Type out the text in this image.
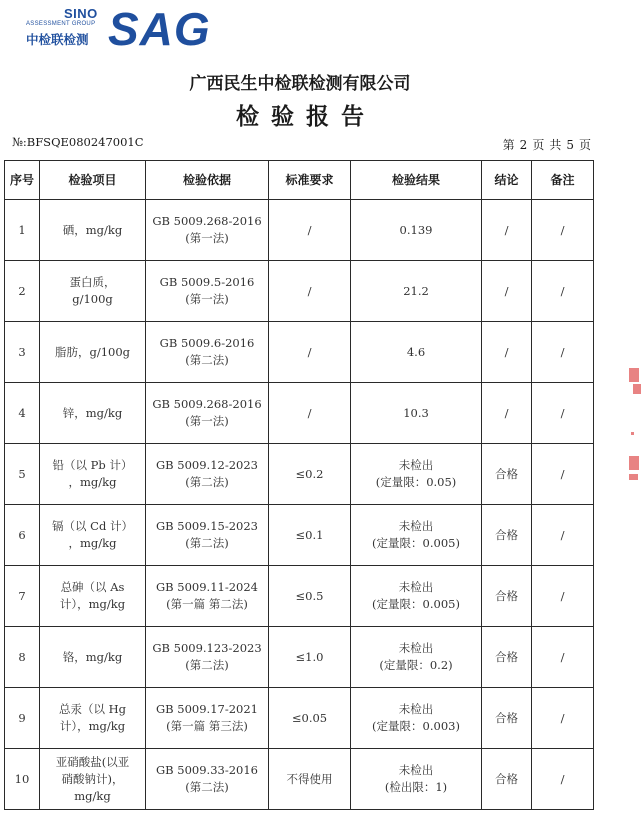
SINO
ASSESSMENT GROUP
中检联检测 SAG
广西民生中检联检测有限公司
检验报告
№:BFSQE080247001C	第 2 页 共 5 页
序号	检验项目	检验依据	标准要求	检验结果	结论	备注
1	硒，mg/kg	GB 5009.268-2016
(第一法)	/	0.139	/	/
2	蛋白质，
g/100g	GB 5009.5-2016
(第一法)	/	21.2	/	/
3	脂肪，g/100g	GB 5009.6-2016
(第二法)	/	4.6	/	/
4	锌，mg/kg	GB 5009.268-2016
(第一法)	/	10.3	/	/
5	铅（以 Pb 计）
，mg/kg	GB 5009.12-2023
(第二法)	≤0.2	未检出
(定量限：0.05)	合格	/
6	镉（以 Cd 计）
，mg/kg	GB 5009.15-2023
(第二法)	≤0.1	未检出
(定量限：0.005)	合格	/
7	总砷（以 As
计），mg/kg	GB 5009.11-2024
(第一篇 第二法)	≤0.5	未检出
(定量限：0.005)	合格	/
8	铬，mg/kg	GB 5009.123-2023
(第二法)	≤1.0	未检出
(定量限：0.2)	合格	/
9	总汞（以 Hg
计），mg/kg	GB 5009.17-2021
(第一篇 第三法)	≤0.05	未检出
(定量限：0.003)	合格	/
10	亚硝酸盐(以亚
硝酸钠计)，
mg/kg	GB 5009.33-2016
(第二法)	不得使用	未检出
(检出限：1)	合格	/
